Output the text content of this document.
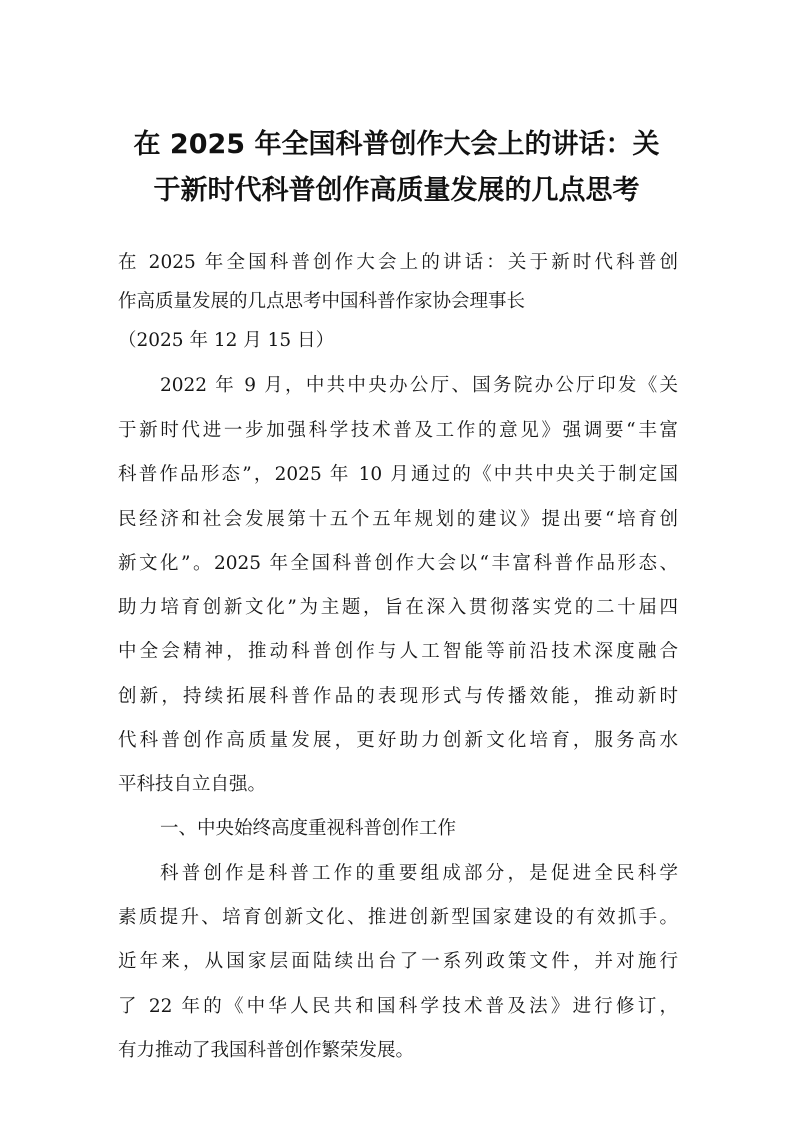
在 2025 年全国科普创作大会上的讲话：关
于新时代科普创作高质量发展的几点思考
在 2025 年全国科普创作大会上的讲话：关于新时代科普创
作高质量发展的几点思考中国科普作家协会理事长
（2025 年 12 月 15 日）
2022 年 9 月，中共中央办公厅、国务院办公厅印发《关
于新时代进一步加强科学技术普及工作的意见》强调要“丰富
科普作品形态”，2025 年 10 月通过的《中共中央关于制定国
民经济和社会发展第十五个五年规划的建议》提出要“培育创
新文化”。2025 年全国科普创作大会以“丰富科普作品形态、
助力培育创新文化”为主题，旨在深入贯彻落实党的二十届四
中全会精神，推动科普创作与人工智能等前沿技术深度融合
创新，持续拓展科普作品的表现形式与传播效能，推动新时
代科普创作高质量发展，更好助力创新文化培育，服务高水
平科技自立自强。
一、中央始终高度重视科普创作工作
科普创作是科普工作的重要组成部分，是促进全民科学
素质提升、培育创新文化、推进创新型国家建设的有效抓手。
近年来，从国家层面陆续出台了一系列政策文件，并对施行
了 22 年的《中华人民共和国科学技术普及法》进行修订，
有力推动了我国科普创作繁荣发展。
